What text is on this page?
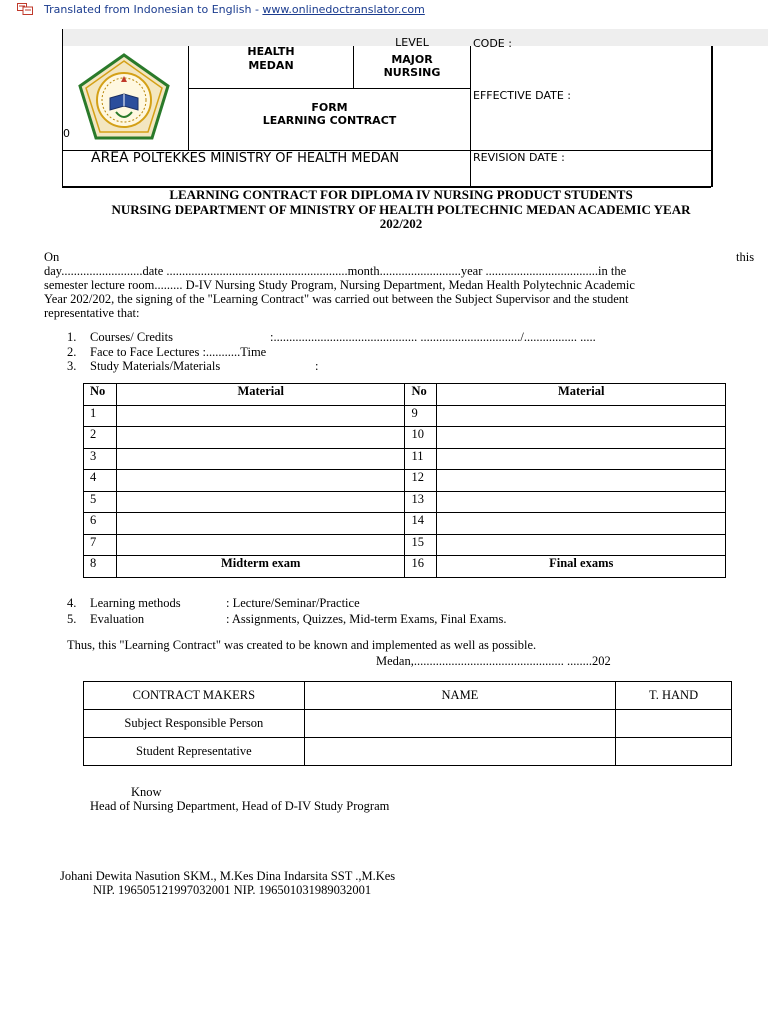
Translated from Indonesian to English - www.onlinedoctranslator.com
0
HEALTH
MEDAN
LEVEL
MAJOR
NURSING
CODE :
FORM
LEARNING CONTRACT
EFFECTIVE DATE :
AREA POLTEKKES MINISTRY OF HEALTH MEDAN	REVISION DATE :
LEARNING CONTRACT FOR DIPLOMA IV NURSING PRODUCT STUDENTS
NURSING DEPARTMENT OF MINISTRY OF HEALTH POLTECHNIC MEDAN ACADEMIC YEAR
202/202
On	this
day..........................date ..........................................................month..........................year ....................................in the
semester lecture room......... D-IV Nursing Study Program, Nursing Department, Medan Health Polytechnic Academic
Year 202/202, the signing of the "Learning Contract" was carried out between the Subject Supervisor and the student
representative that:
1. Courses/ Credits	:.............................................. ................................/................. .....
2. Face to Face Lectures :...........Time
3. Study Materials/Materials	:
No	Material	No	Material
1		9	
2		10	
3		11	
4		12	
5		13	
6		14	
7		15	
8	Midterm exam	16	Final exams
4. Learning methods	: Lecture/Seminar/Practice
5. Evaluation	: Assignments, Quizzes, Mid-term Exams, Final Exams.
Thus, this "Learning Contract" was created to be known and implemented as well as possible.
Medan,................................................ ........202
CONTRACT MAKERS	NAME	T. HAND
Subject Responsible Person		
Student Representative		
Know
Head of Nursing Department, Head of D-IV Study Program
Johani Dewita Nasution SKM., M.Kes Dina Indarsita SST .,M.Kes
NIP. 196505121997032001 NIP. 196501031989032001
